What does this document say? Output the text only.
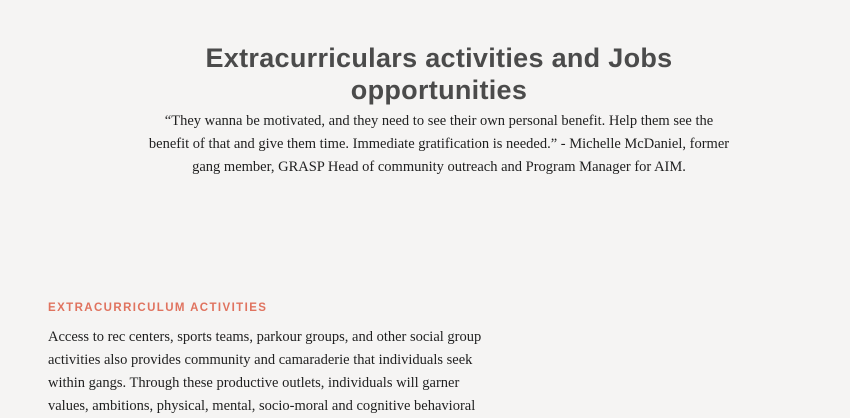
Extracurriculars activities and Jobs
opportunities
“They wanna be motivated, and they need to see their own personal benefit. Help them see the
benefit of that and give them time. Immediate gratification is needed.” - Michelle McDaniel, former
gang member, GRASP Head of community outreach and Program Manager for AIM.
EXTRACURRICULUM ACTIVITIES
Access to rec centers, sports teams, parkour groups, and other social group
activities also provides community and camaraderie that individuals seek
within gangs. Through these productive outlets, individuals will garner
values, ambitions, physical, mental, socio-moral and cognitive behavioral
